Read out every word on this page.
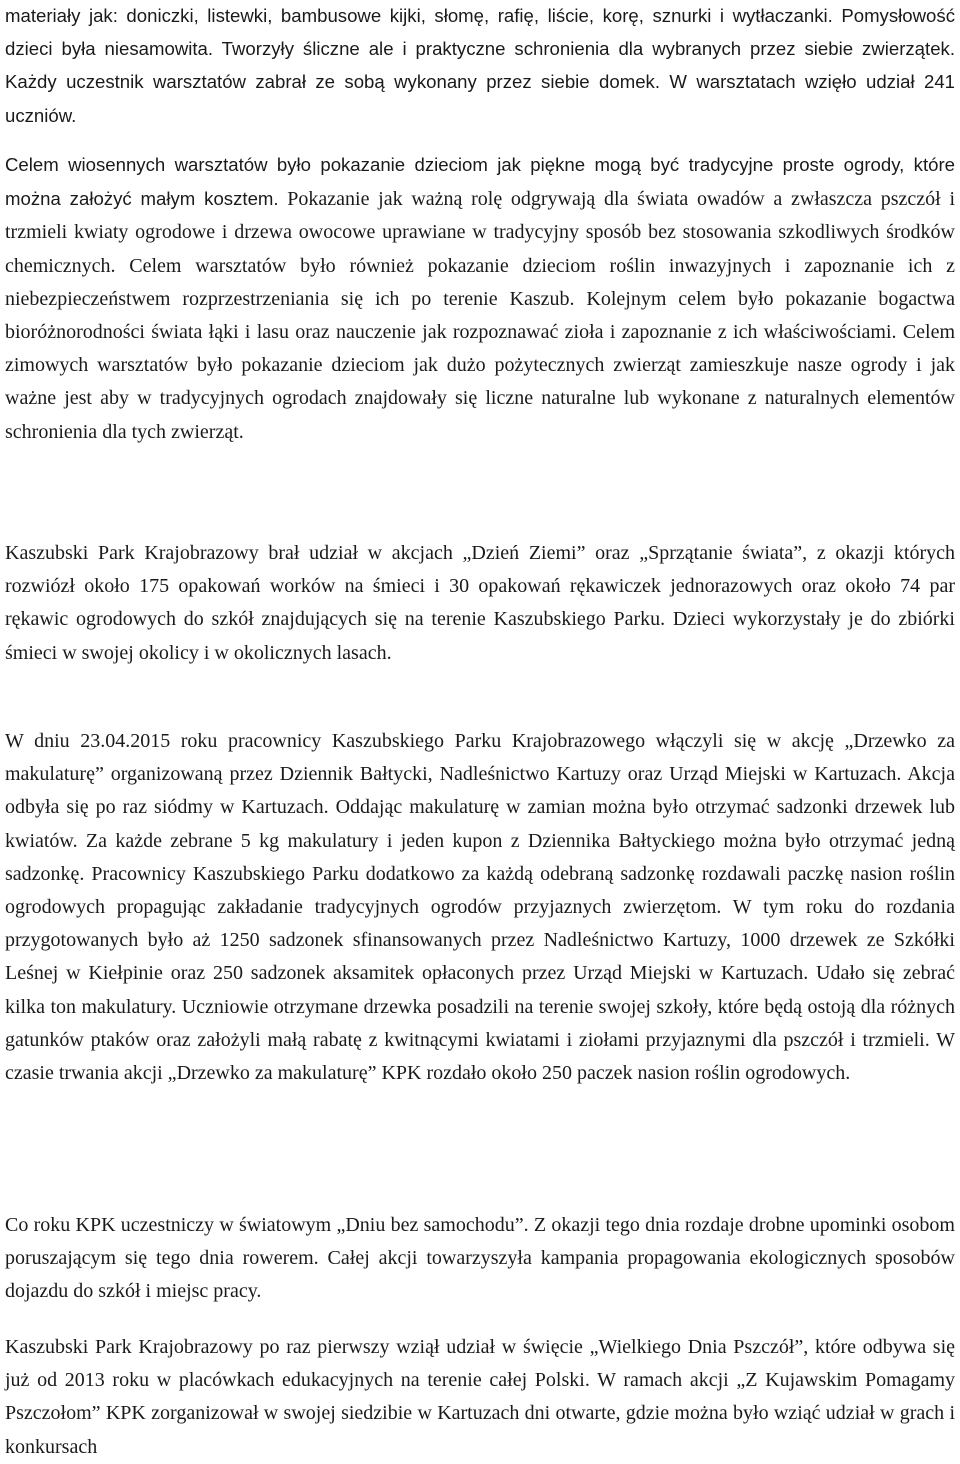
materiały jak: doniczki, listewki, bambusowe kijki, słomę, rafię, liście, korę, sznurki i wytłaczanki. Pomysłowość dzieci była niesamowita. Tworzyły śliczne ale i praktyczne schronienia dla wybranych przez siebie zwierzątek. Każdy uczestnik warsztatów zabrał ze sobą wykonany przez siebie domek. W warsztatach wzięło udział 241 uczniów.

Celem wiosennych warsztatów było pokazanie dzieciom jak piękne mogą być tradycyjne proste ogrody, które można założyć małym kosztem. Pokazanie jak ważną rolę odgrywają dla świata owadów a zwłaszcza pszczół i trzmieli kwiaty ogrodowe i drzewa owocowe uprawiane w tradycyjny sposób bez stosowania szkodliwych środków chemicznych. Celem warsztatów było również pokazanie dzieciom roślin inwazyjnych i zapoznanie ich z niebezpieczeństwem rozprzestrzeniania się ich po terenie Kaszub. Kolejnym celem było pokazanie bogactwa bioróżnorodności świata łąki i lasu oraz nauczenie jak rozpoznawać zioła i zapoznanie z ich właściwościami. Celem zimowych warsztatów było pokazanie dzieciom jak dużo pożytecznych zwierząt zamieszkuje nasze ogrody i jak ważne jest aby w tradycyjnych ogrodach znajdowały się liczne naturalne lub wykonane z naturalnych elementów schronienia dla tych zwierząt.

Kaszubski Park Krajobrazowy brał udział w akcjach „Dzień Ziemi” oraz „Sprzątanie świata”, z okazji których rozwiózł około 175 opakowań worków na śmieci i 30 opakowań rękawiczek jednorazowych oraz około 74 par rękawic ogrodowych do szkół znajdujących się na terenie Kaszubskiego Parku. Dzieci wykorzystały je do zbiórki śmieci w swojej okolicy i w okolicznych lasach.

W dniu 23.04.2015 roku pracownicy Kaszubskiego Parku Krajobrazowego włączyli się w akcję „Drzewko za makulaturę” organizowaną przez Dziennik Bałtycki, Nadleśnictwo Kartuzy oraz Urząd Miejski w Kartuzach. Akcja odbyła się po raz siódmy w Kartuzach. Oddając makulaturę w zamian można było otrzymać sadzonki drzewek lub kwiatów. Za każde zebrane 5 kg makulatury i jeden kupon z Dziennika Bałtyckiego można było otrzymać jedną sadzonkę. Pracownicy Kaszubskiego Parku dodatkowo za każdą odebraną sadzonkę rozdawali paczkę nasion roślin ogrodowych propagując zakładanie tradycyjnych ogrodów przyjaznych zwierzętom. W tym roku do rozdania przygotowanych było aż 1250 sadzonek sfinansowanych przez Nadleśnictwo Kartuzy, 1000 drzewek ze Szkółki Leśnej w Kiełpinie oraz 250 sadzonek aksamitek opłaconych przez Urząd Miejski w Kartuzach. Udało się zebrać kilka ton makulatury. Uczniowie otrzymane drzewka posadzili na terenie swojej szkoły, które będą ostoją dla różnych gatunków ptaków oraz założyli małą rabatę z kwitnącymi kwiatami i ziołami przyjaznymi dla pszczół i trzmieli. W czasie trwania akcji „Drzewko za makulaturę” KPK rozdało około 250 paczek nasion roślin ogrodowych.

Co roku KPK uczestniczy w światowym „Dniu bez samochodu”. Z okazji tego dnia rozdaje drobne upominki osobom poruszającym się tego dnia rowerem. Całej akcji towarzyszyła kampania propagowania ekologicznych sposobów dojazdu do szkół i miejsc pracy.

Kaszubski Park Krajobrazowy po raz pierwszy wziął udział w święcie „Wielkiego Dnia Pszczół”, które odbywa się już od 2013 roku w placówkach edukacyjnych na terenie całej Polski. W ramach akcji „Z Kujawskim Pomagamy Pszczołom” KPK zorganizował w swojej siedzibie w Kartuzach dni otwarte, gdzie można było wziąć udział w grach i konkursach
